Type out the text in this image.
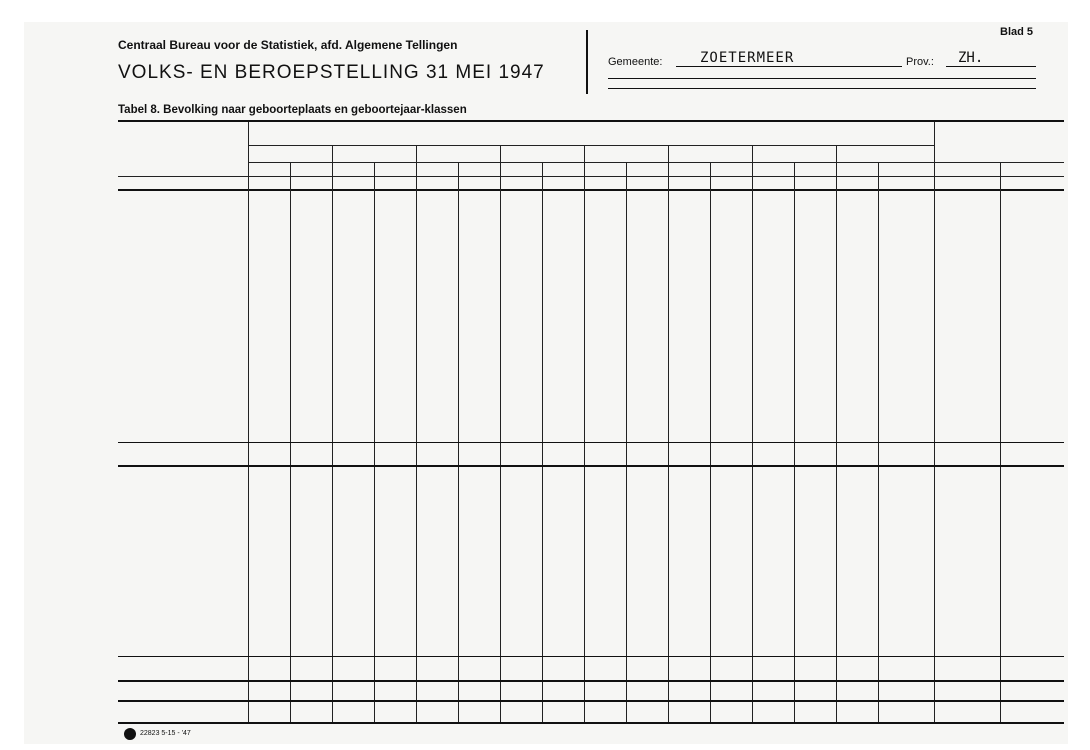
Centraal Bureau voor de Statistiek, afd. Algemene Tellingen
VOLKS- EN BEROEPSTELLING 31 MEI 1947
Blad 5
Gemeente:	ZOETERMEER	Prov.: ZH.
Tabel 8. Bevolking naar geboorteplaats en geboortejaar-klassen
22823 5-15 - '47
